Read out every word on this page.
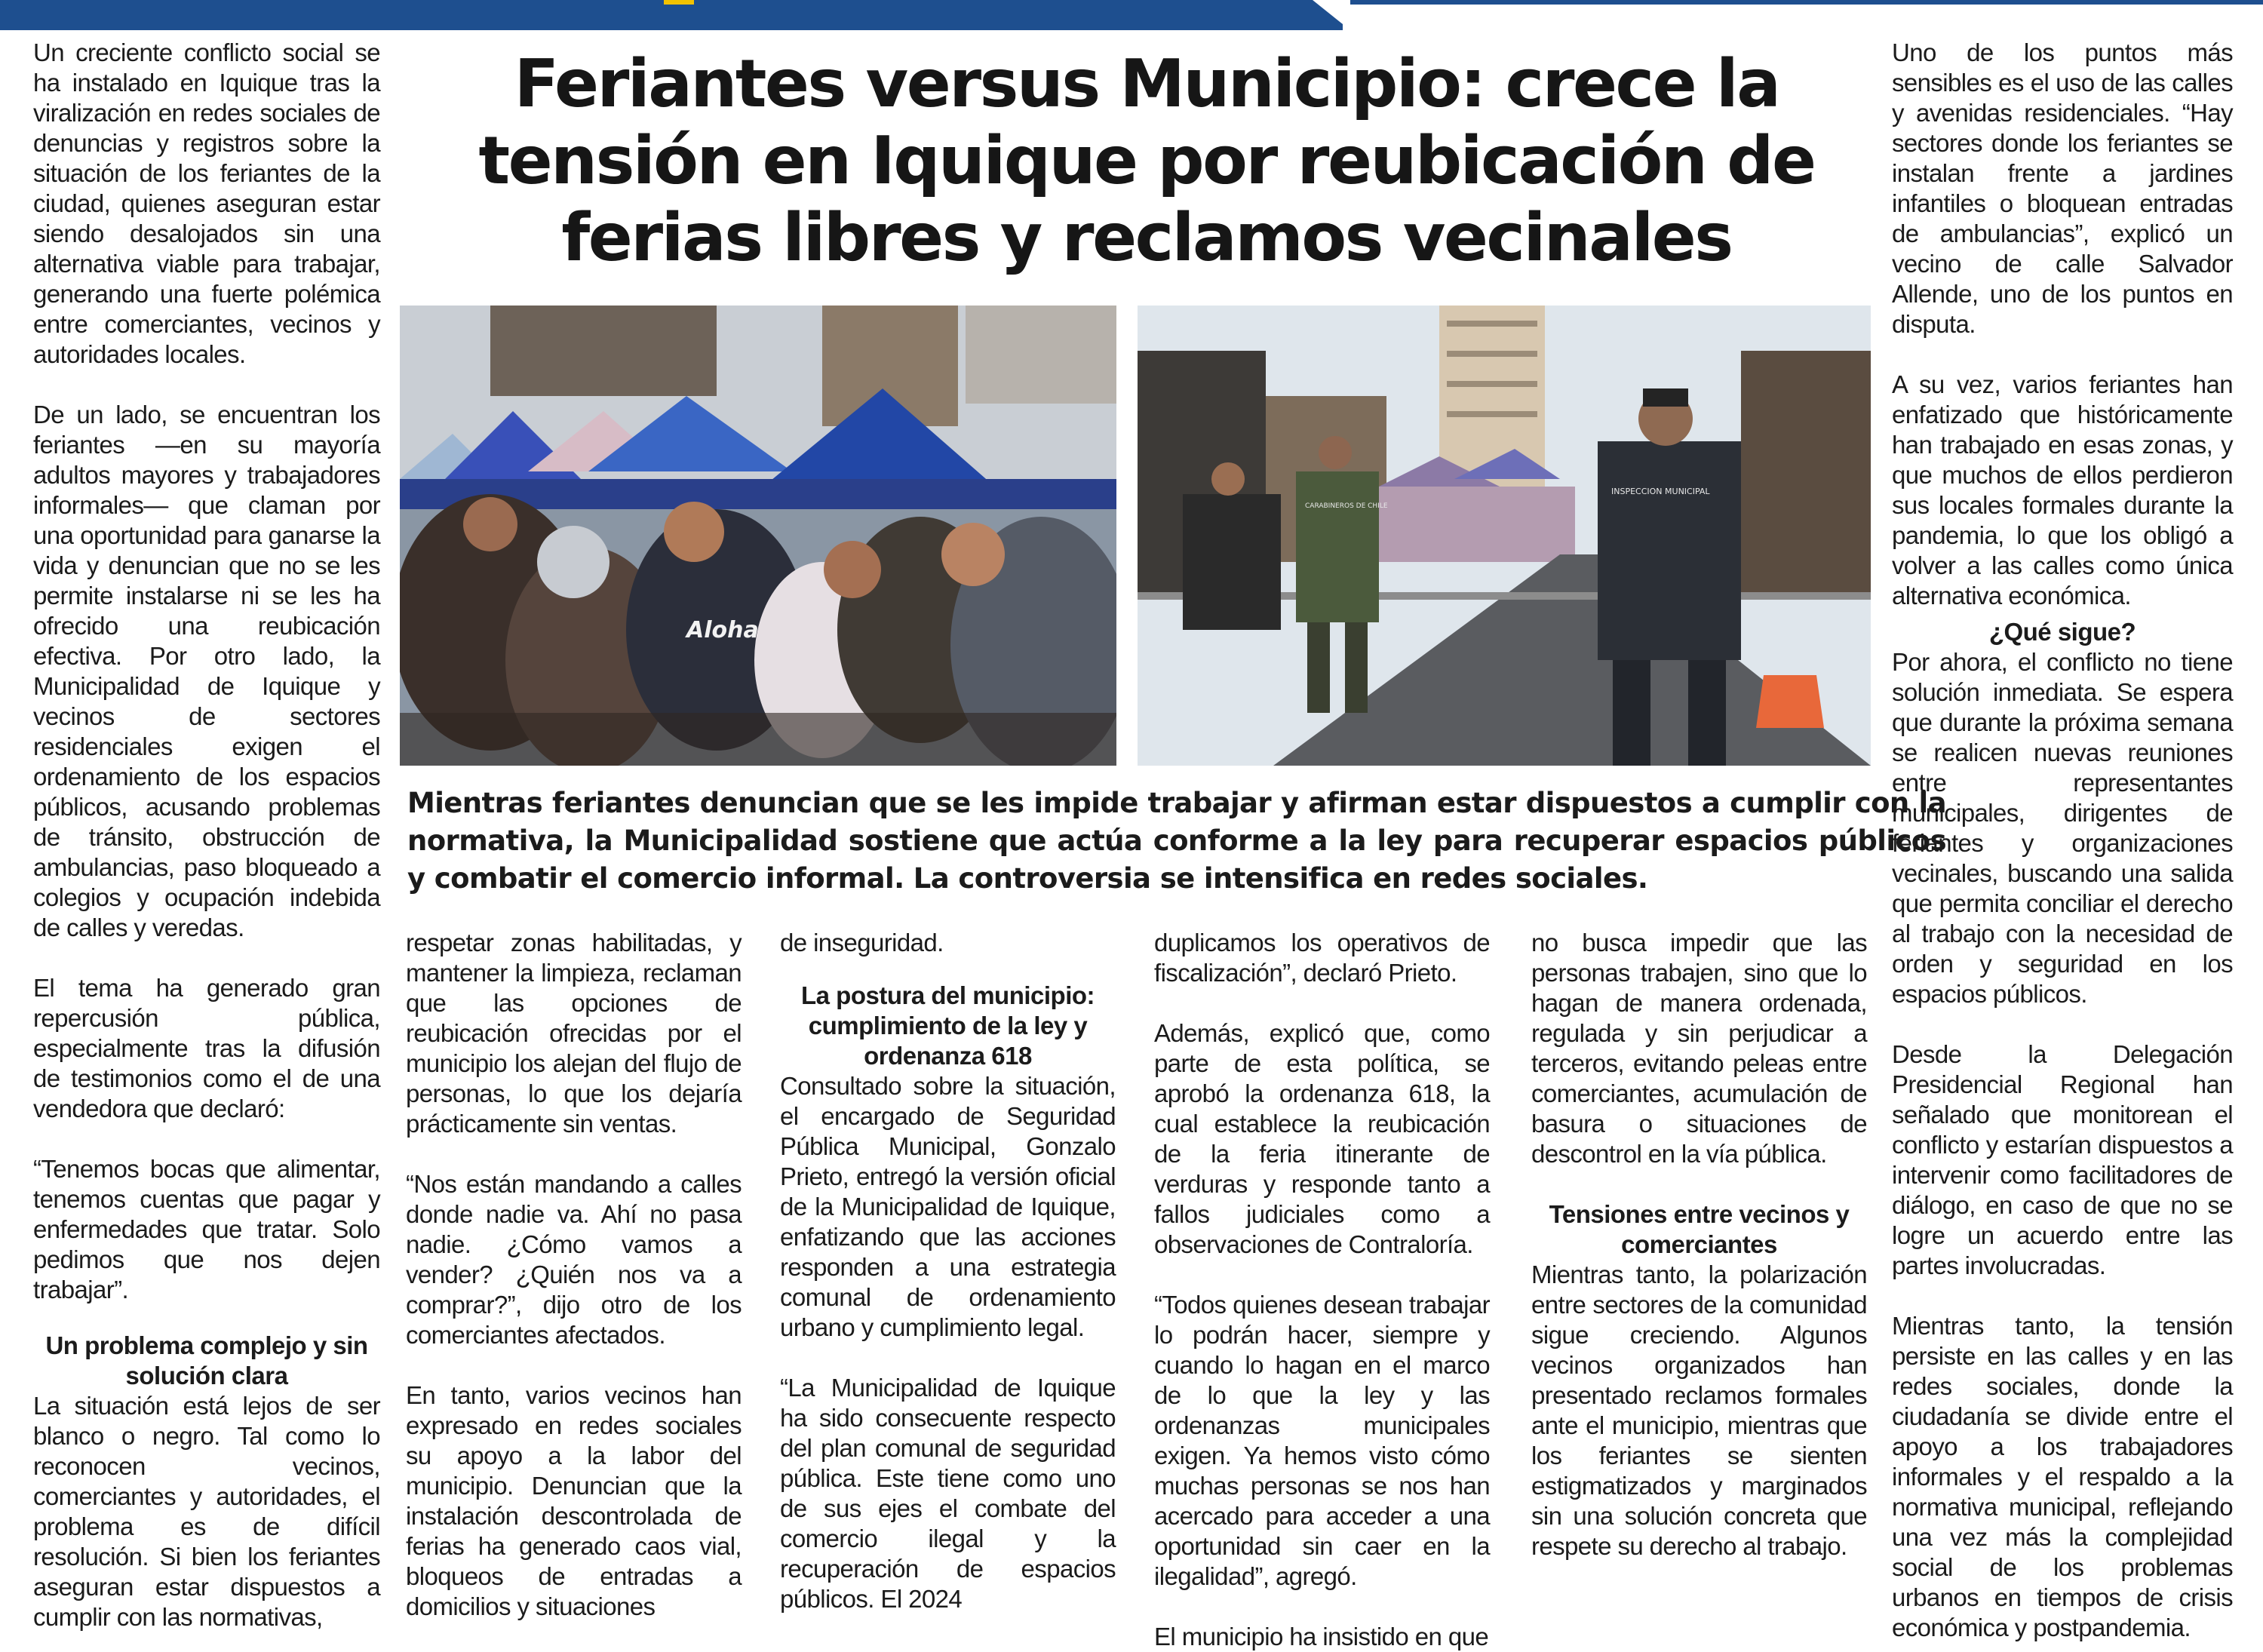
Un creciente conflicto social se ha instalado en Iquique tras la viralización en redes sociales de denuncias y registros sobre la situación de los feriantes de la ciudad, quienes aseguran estar siendo desalojados sin una alternativa viable para trabajar, generando una fuerte polémica entre comerciantes, vecinos y autoridades locales.

De un lado, se encuentran los feriantes —en su mayoría adultos mayores y trabajadores informales— que claman por una oportunidad para ganarse la vida y denuncian que no se les permite instalarse ni se les ha ofrecido una reubicación efectiva. Por otro lado, la Municipalidad de Iquique y vecinos de sectores residenciales exigen el ordenamiento de los espacios públicos, acusando problemas de tránsito, obstrucción de ambulancias, paso bloqueado a colegios y ocupación indebida de calles y veredas.

El tema ha generado gran repercusión pública, especialmente tras la difusión de testimonios como el de una vendedora que declaró:

“Tenemos bocas que alimentar, tenemos cuentas que pagar y enfermedades que tratar. Solo pedimos que nos dejen trabajar”.

Un problema complejo y sin solución clara

La situación está lejos de ser blanco o negro. Tal como lo reconocen vecinos, comerciantes y autoridades, el problema es de difícil resolución. Si bien los feriantes aseguran estar dispuestos a cumplir con las normativas,

Feriantes versus Municipio: crece la tensión en Iquique por reubicación de ferias libres y reclamos vecinales
Aloha
CARABINEROS DE CHILE
INSPECCION MUNICIPAL

Mientras feriantes denuncian que se les impide trabajar y afirman estar dispuestos a cumplir con la normativa, la Municipalidad sostiene que actúa conforme a la ley para recuperar espacios públicos y combatir el comercio informal. La controversia se intensifica en redes sociales.

respetar zonas habilitadas, y mantener la limpieza, reclaman que las opciones de reubicación ofrecidas por el municipio los alejan del flujo de personas, lo que los dejaría prácticamente sin ventas.

“Nos están mandando a calles donde nadie va. Ahí no pasa nadie. ¿Cómo vamos a vender? ¿Quién nos va a comprar?”, dijo otro de los comerciantes afectados.

En tanto, varios vecinos han expresado en redes sociales su apoyo a la labor del municipio. Denuncian que la instalación descontrolada de ferias ha generado caos vial, bloqueos de entradas a domicilios y situaciones

de inseguridad.

La postura del municipio: cumplimiento de la ley y ordenanza 618

Consultado sobre la situación, el encargado de Seguridad Pública Municipal, Gonzalo Prieto, entregó la versión oficial de la Municipalidad de Iquique, enfatizando que las acciones responden a una estrategia comunal de ordenamiento urbano y cumplimiento legal.

“La Municipalidad de Iquique ha sido consecuente respecto del plan comunal de seguridad pública. Este tiene como uno de sus ejes el combate del comercio ilegal y la recuperación de espacios públicos. El 2024

duplicamos los operativos de fiscalización”, declaró Prieto.

Además, explicó que, como parte de esta política, se aprobó la ordenanza 618, la cual establece la reubicación de la feria itinerante de verduras y responde tanto a fallos judiciales como a observaciones de Contraloría.

“Todos quienes desean trabajar lo podrán hacer, siempre y cuando lo hagan en el marco de lo que la ley y las ordenanzas municipales exigen. Ya hemos visto cómo muchas personas se nos han acercado para acceder a una oportunidad sin caer en la ilegalidad”, agregó.

El municipio ha insistido en que

no busca impedir que las personas trabajen, sino que lo hagan de manera ordenada, regulada y sin perjudicar a terceros, evitando peleas entre comerciantes, acumulación de basura o situaciones de descontrol en la vía pública.

Tensiones entre vecinos y comerciantes

Mientras tanto, la polarización entre sectores de la comunidad sigue creciendo. Algunos vecinos organizados han presentado reclamos formales ante el municipio, mientras que los feriantes se sienten estigmatizados y marginados sin una solución concreta que respete su derecho al trabajo.

Uno de los puntos más sensibles es el uso de las calles y avenidas residenciales. “Hay sectores donde los feriantes se instalan frente a jardines infantiles o bloquean entradas de ambulancias”, explicó un vecino de calle Salvador Allende, uno de los puntos en disputa.

A su vez, varios feriantes han enfatizado que históricamente han trabajado en esas zonas, y que muchos de ellos perdieron sus locales formales durante la pandemia, lo que los obligó a volver a las calles como única alternativa económica.

¿Qué sigue?

Por ahora, el conflicto no tiene solución inmediata. Se espera que durante la próxima semana se realicen nuevas reuniones entre representantes municipales, dirigentes de feriantes y organizaciones vecinales, buscando una salida que permita conciliar el derecho al trabajo con la necesidad de orden y seguridad en los espacios públicos.

Desde la Delegación Presidencial Regional han señalado que monitorean el conflicto y estarían dispuestos a intervenir como facilitadores de diálogo, en caso de que no se logre un acuerdo entre las partes involucradas.

Mientras tanto, la tensión persiste en las calles y en las redes sociales, donde la ciudadanía se divide entre el apoyo a los trabajadores informales y el respaldo a la normativa municipal, reflejando una vez más la complejidad social de los problemas urbanos en tiempos de crisis económica y postpandemia.
